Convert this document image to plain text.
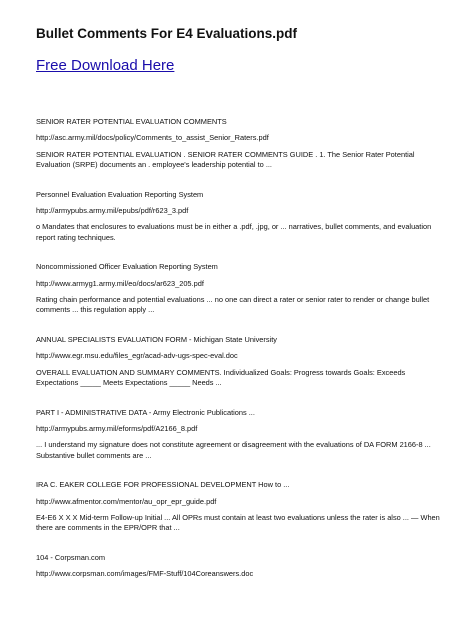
Bullet Comments For E4 Evaluations.pdf
Free Download Here
SENIOR RATER POTENTIAL EVALUATION COMMENTS
http://asc.army.mil/docs/policy/Comments_to_assist_Senior_Raters.pdf
SENIOR RATER POTENTIAL EVALUATION . SENIOR RATER COMMENTS GUIDE . 1. The Senior Rater Potential Evaluation (SRPE) documents an . employee's leadership potential to ...
Personnel Evaluation Evaluation Reporting System
http://armypubs.army.mil/epubs/pdf/r623_3.pdf
o Mandates that enclosures to evaluations must be in either a .pdf, .jpg, or ... narratives, bullet comments, and evaluation report rating techniques.
Noncommissioned Officer Evaluation Reporting System
http://www.armyg1.army.mil/eo/docs/ar623_205.pdf
Rating chain performance and potential evaluations ... no one can direct a rater or senior rater to render or change bullet comments ... this regulation apply ...
ANNUAL SPECIALISTS EVALUATION FORM - Michigan State University
http://www.egr.msu.edu/files_egr/acad-adv-ugs-spec-eval.doc
OVERALL EVALUATION AND SUMMARY COMMENTS. Individualized Goals: Progress towards Goals: Exceeds Expectations _____ Meets Expectations _____ Needs ...
PART I - ADMINISTRATIVE DATA - Army Electronic Publications ...
http://armypubs.army.mil/eforms/pdf/A2166_8.pdf
... I understand my signature does not constitute agreement or disagreement with the evaluations of DA FORM 2166-8 ... Substantive bullet comments are ...
IRA C. EAKER COLLEGE FOR PROFESSIONAL DEVELOPMENT How to ...
http://www.afmentor.com/mentor/au_opr_epr_guide.pdf
E4-E6 X X X Mid-term Follow-up Initial ... All OPRs must contain at least two evaluations unless the rater is also ... — When there are comments in the EPR/OPR that ...
104 - Corpsman.com
http://www.corpsman.com/images/FMF-Stuff/104Coreanswers.doc
